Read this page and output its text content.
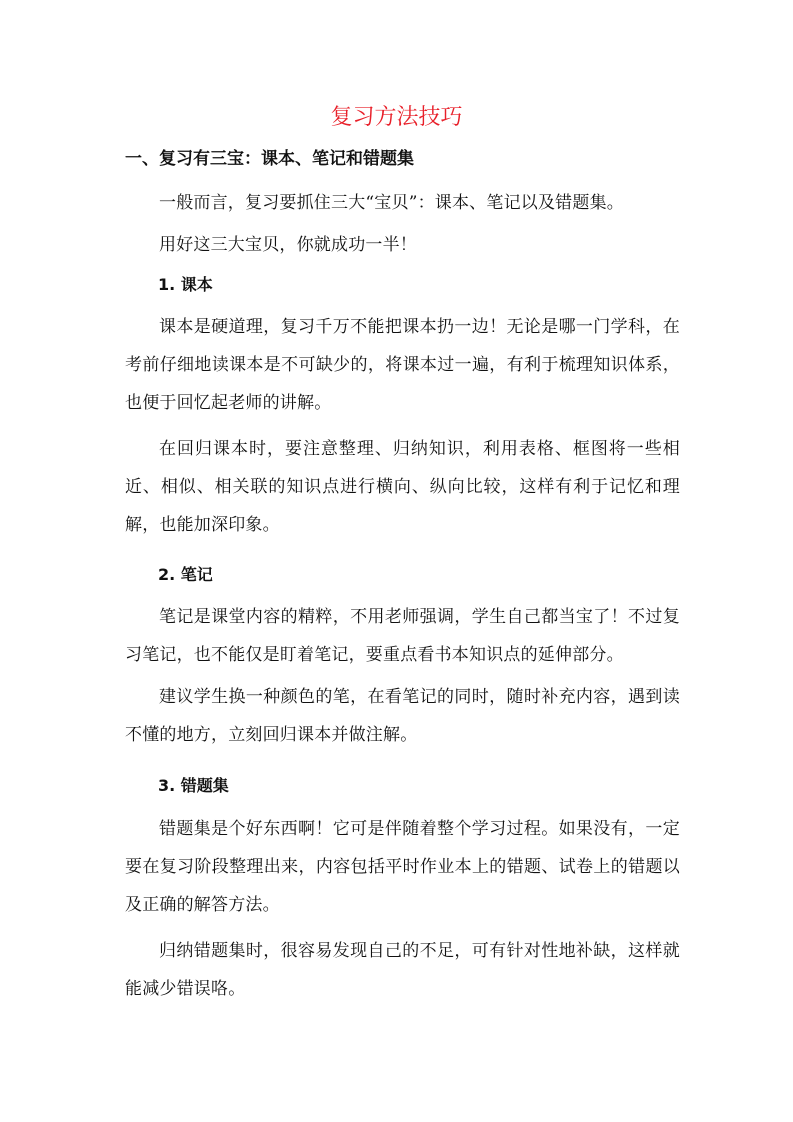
复习方法技巧
一、复习有三宝：课本、笔记和错题集

一般而言，复习要抓住三大“宝贝”：课本、笔记以及错题集。

用好这三大宝贝，你就成功一半！

1. 课本

课本是硬道理，复习千万不能把课本扔一边！无论是哪一门学科，在考前仔细地读课本是不可缺少的，将课本过一遍，有利于梳理知识体系，也便于回忆起老师的讲解。

在回归课本时，要注意整理、归纳知识，利用表格、框图将一些相近、相似、相关联的知识点进行横向、纵向比较，这样有利于记忆和理解，也能加深印象。

2. 笔记

笔记是课堂内容的精粹，不用老师强调，学生自己都当宝了！不过复习笔记，也不能仅是盯着笔记，要重点看书本知识点的延伸部分。

建议学生换一种颜色的笔，在看笔记的同时，随时补充内容，遇到读不懂的地方，立刻回归课本并做注解。

3. 错题集

错题集是个好东西啊！它可是伴随着整个学习过程。如果没有，一定要在复习阶段整理出来，内容包括平时作业本上的错题、试卷上的错题以及正确的解答方法。

归纳错题集时，很容易发现自己的不足，可有针对性地补缺，这样就能减少错误咯。
